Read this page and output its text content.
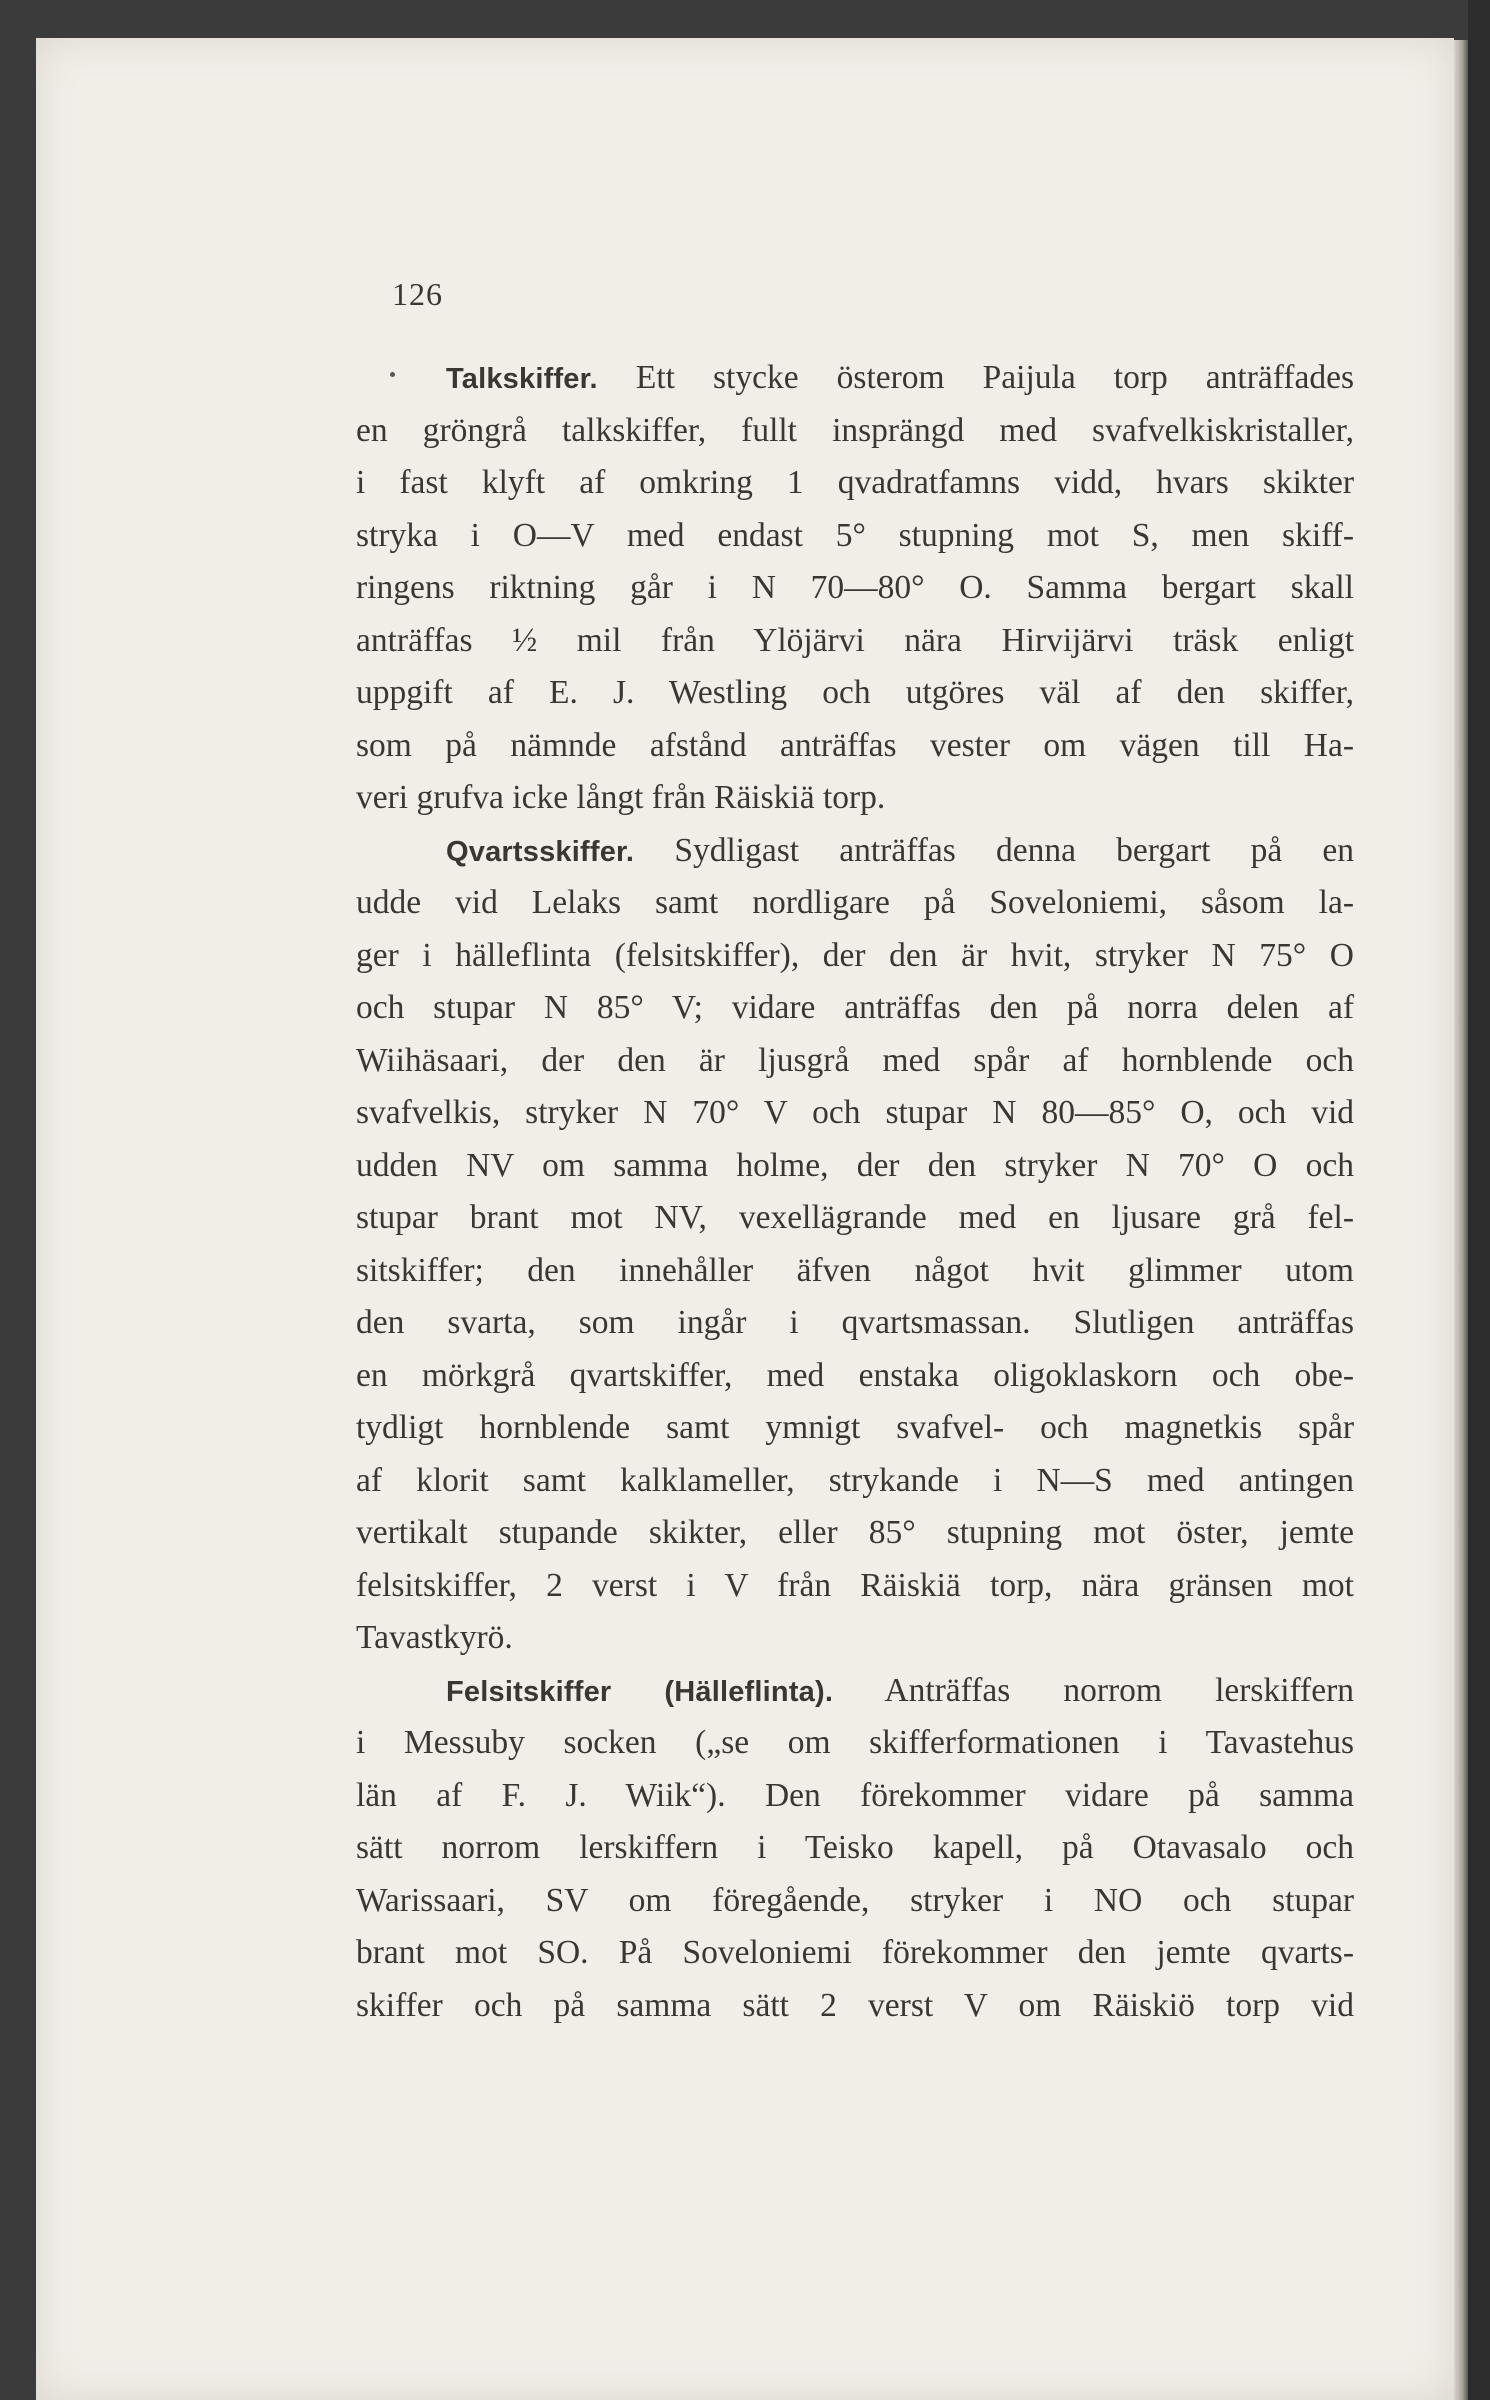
126
Talkskiffer. Ett stycke österom Paijula torp anträffades
en gröngrå talkskiffer, fullt insprängd med svafvelkiskristaller,
i fast klyft af omkring 1 qvadratfamns vidd, hvars skikter
stryka i O—V med endast 5° stupning mot S, men skiff-
ringens riktning går i N 70—80° O. Samma bergart skall
anträffas ½ mil från Ylöjärvi nära Hirvijärvi träsk enligt
uppgift af E. J. Westling och utgöres väl af den skiffer,
som på nämnde afstånd anträffas vester om vägen till Ha-
veri grufva icke långt från Räiskiä torp.
Qvartsskiffer. Sydligast anträffas denna bergart på en
udde vid Lelaks samt nordligare på Soveloniemi, såsom la-
ger i hälleflinta (felsitskiffer), der den är hvit, stryker N 75° O
och stupar N 85° V; vidare anträffas den på norra delen af
Wiihäsaari, der den är ljusgrå med spår af hornblende och
svafvelkis, stryker N 70° V och stupar N 80—85° O, och vid
udden NV om samma holme, der den stryker N 70° O och
stupar brant mot NV, vexellägrande med en ljusare grå fel-
sitskiffer; den innehåller äfven något hvit glimmer utom
den svarta, som ingår i qvartsmassan. Slutligen anträffas
en mörkgrå qvartskiffer, med enstaka oligoklaskorn och obe-
tydligt hornblende samt ymnigt svafvel- och magnetkis spår
af klorit samt kalklameller, strykande i N—S med antingen
vertikalt stupande skikter, eller 85° stupning mot öster, jemte
felsitskiffer, 2 verst i V från Räiskiä torp, nära gränsen mot
Tavastkyrö.
Felsitskiffer (Hälleflinta). Anträffas norrom lerskiffern
i Messuby socken („se om skifferformationen i Tavastehus
län af F. J. Wiik“). Den förekommer vidare på samma
sätt norrom lerskiffern i Teisko kapell, på Otavasalo och
Warissaari, SV om föregående, stryker i NO och stupar
brant mot SO. På Soveloniemi förekommer den jemte qvarts-
skiffer och på samma sätt 2 verst V om Räiskiö torp vid
